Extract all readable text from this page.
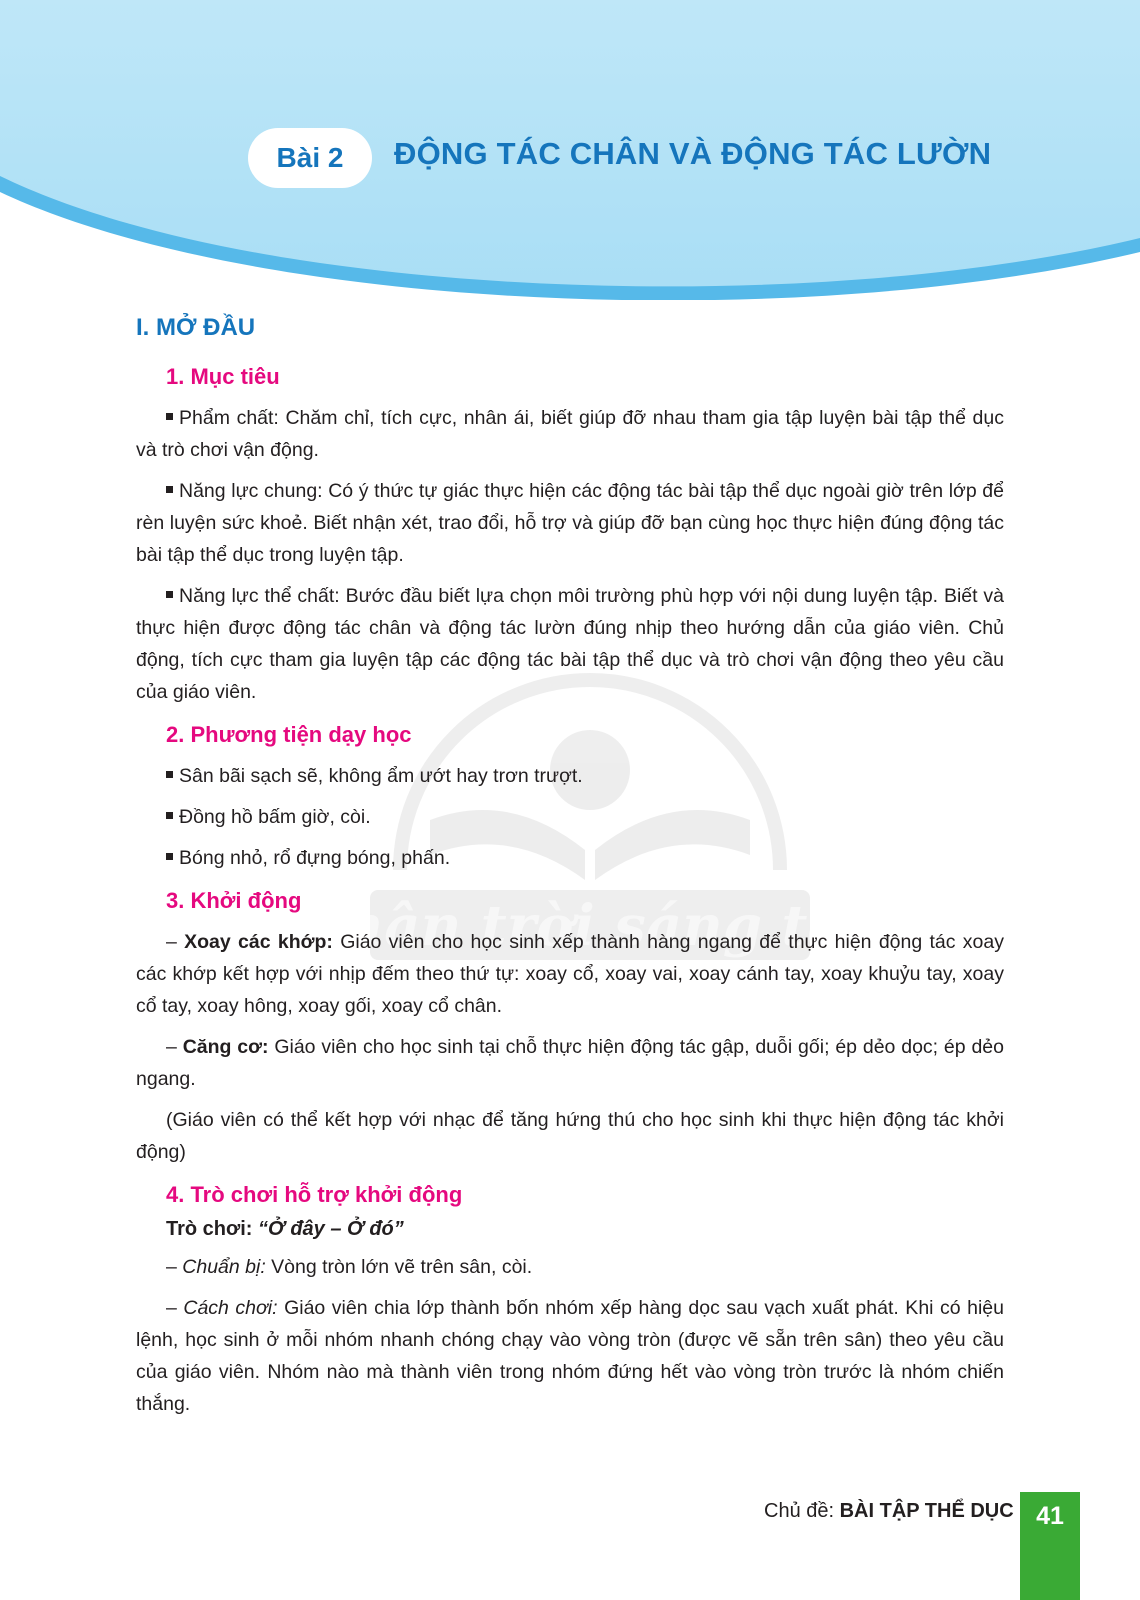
Bài 2 ĐỘNG TÁC CHÂN VÀ ĐỘNG TÁC LƯỜN
hân trời sáng tạ
I. MỞ ĐẦU
1. Mục tiêu

Phẩm chất: Chăm chỉ, tích cực, nhân ái, biết giúp đỡ nhau tham gia tập luyện bài tập thể dục và trò chơi vận động.

Năng lực chung: Có ý thức tự giác thực hiện các động tác bài tập thể dục ngoài giờ trên lớp để rèn luyện sức khoẻ. Biết nhận xét, trao đổi, hỗ trợ và giúp đỡ bạn cùng học thực hiện đúng động tác bài tập thể dục trong luyện tập.

Năng lực thể chất: Bước đầu biết lựa chọn môi trường phù hợp với nội dung luyện tập. Biết và thực hiện được động tác chân và động tác lườn đúng nhịp theo hướng dẫn của giáo viên. Chủ động, tích cực tham gia luyện tập các động tác bài tập thể dục và trò chơi vận động theo yêu cầu của giáo viên.

2. Phương tiện dạy học

Sân bãi sạch sẽ, không ẩm ướt hay trơn trượt.

Đồng hồ bấm giờ, còi.

Bóng nhỏ, rổ đựng bóng, phấn.

3. Khởi động

– Xoay các khớp: Giáo viên cho học sinh xếp thành hàng ngang để thực hiện động tác xoay các khớp kết hợp với nhịp đếm theo thứ tự: xoay cổ, xoay vai, xoay cánh tay, xoay khuỷu tay, xoay cổ tay, xoay hông, xoay gối, xoay cổ chân.

– Căng cơ: Giáo viên cho học sinh tại chỗ thực hiện động tác gập, duỗi gối; ép dẻo dọc; ép dẻo ngang.

(Giáo viên có thể kết hợp với nhạc để tăng hứng thú cho học sinh khi thực hiện động tác khởi động)

4. Trò chơi hỗ trợ khởi động
Trò chơi: “Ở đây – Ở đó”

– Chuẩn bị: Vòng tròn lớn vẽ trên sân, còi.

– Cách chơi: Giáo viên chia lớp thành bốn nhóm xếp hàng dọc sau vạch xuất phát. Khi có hiệu lệnh, học sinh ở mỗi nhóm nhanh chóng chạy vào vòng tròn (được vẽ sẵn trên sân) theo yêu cầu của giáo viên. Nhóm nào mà thành viên trong nhóm đứng hết vào vòng tròn trước là nhóm chiến thắng.

Chủ đề: BÀI TẬP THỂ DỤC 41
